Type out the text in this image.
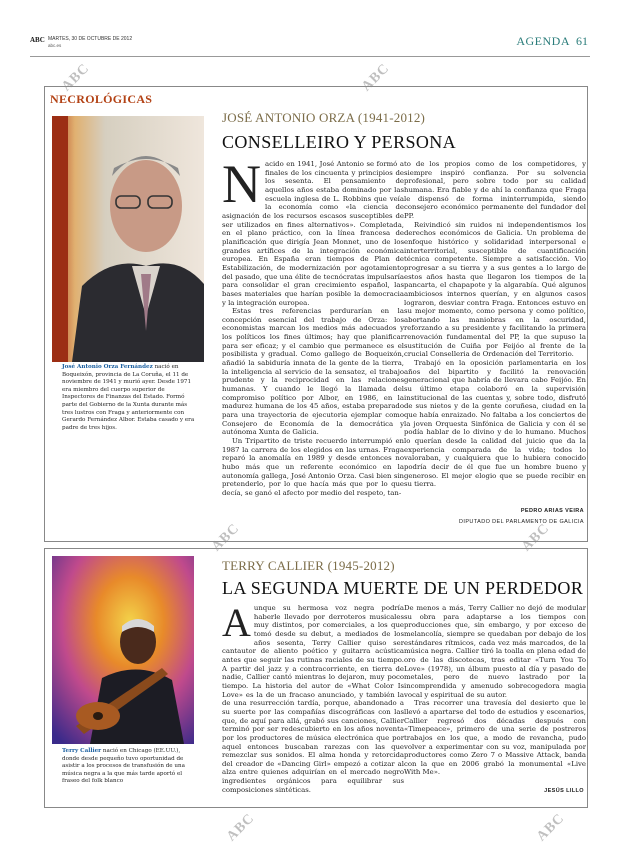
ABC MARTES, 30 DE OCTUBRE DE 2012
abc.es	AGENDA 61
ABC	ABC
ABC	ABC
ABC	ABC
NECROLÓGICAS
José Antonio Orza Fernández nació en Boqueixón, provincia de La Coruña, el 11 de noviembre de 1941 y murió ayer. Desde 1971 era miembro del cuerpo superior de Inspectores de Finanzas del Estado. Formó parte del Gobierno de la Xunta durante más tres lustros con Fraga y anteriormente con Gerardo Fernández Albor. Estaba casado y era padre de tres hijos.
JOSÉ ANTONIO ORZA (1941-2012)
CONSELLEIRO Y PERSONA

Nacido en 1941, José Antonio se formó a finales de los cincuenta y principios de los sesenta. El pensamiento de aquellos años estaba dominado por las escuela inglesa de L. Robbins que veía la economía como «la ciencia de asignación de los recursos escasos susceptibles de ser utilizados en fines alternativos». Completada, en el plano práctico, con la línea francesa de planificación que dirigía Jean Monnet, uno de los grandes artífices de la integración económica europea. En España eran tiempos de Plan de Estabilización, de modernización por agotamiento del pasado, que una élite de tecnócratas impulsaría para consolidar el gran crecimiento español, las bases materiales que harían posible la democracia y la integración europea.

Estas tres referencias perdurarían en la concepción esencial del trabajo de Orza: los economistas marcan los medios más adecuados y los políticos los fines últimos; hay que planificar para ser eficaz; y el cambio que permanece es el posibilista y gradual. Como gallego de Boqueixón, añadió la sabiduría innata de la gente de la tierra, la inteligencia al servicio de la sensatez, el trabajo prudente y la reciprocidad en las relaciones humanas. Y cuando le llegó la llamada del compromiso político por Albor, en 1986, en la madurez humana de los 45 años, estaba preparado para una trayectoria de ejecutoria ejemplar como Consejero de Economía de la democrática y autónoma Xunta de Galicia.

Un Tripartito de triste recuerdo interrumpió en 1987 la carrera de los elegidos en las urnas. Fraga reparó la anomalía en 1989 y desde entonces no hubo más que un referente económico en la autonomía gallega, José Antonio Orza. Casi bien sin pretenderlo, por lo que hacía más que por lo que decía, se ganó el afecto por medio del respeto, tan-

to de los propios como de los competidores, y siempre inspiró confianza. Por su solvencia profesional, pero sobre todo por su calidad humana. Era fiable y de ahí la confianza que Fraga le dispensó de forma ininterrumpida, siendo consejero económico permanente del fundador del PP.

Reivindicó sin ruidos ni independentismos los derechos económicos de Galicia. Un problema de enfoque histórico y solidaridad interpersonal e interterritorial, susceptible de cuantificación técnica competente. Siempre a satisfacción. Vio progresar a su tierra y a sus gentes a lo largo de estos años hasta que llegaron los tiempos de la pancarta, el chapapote y la algarabía. Qué algunos ambiciosos internos querían, y en algunos casos lograron, desviar contra Fraga. Entonces estuvo en su mejor momento, como persona y como político, abortando las maniobras en la oscuridad, reforzando a su presidente y facilitando la primera renovación fundamental del PP, la que supuso la sustitución de Cuiña por Feijóo al frente de la crucial Conselleria de Ordenación del Territorio.

Trabajó en la oposición parlamentaria en los años del bipartito y facilitó la renovación generacional que habría de llevara cabo Feijóo. En su último etapa colaboró en la supervisión institucional de las cuentas y, sobre todo, disfrutó de sus nietos y de la gente coruñesa, ciudad en la que había enraizado. No faltaba a los conciertos de la joven Orquesta Sinfónica de Galicia y con él se podía hablar de lo divino y de lo humano. Muchos lo querían desde la calidad del juicio que da la experiencia comparada de la vida; todos lo valoraban, y cualquiera que lo hubiera conocido podría decir de él que fue un hombre bueno y generoso. El mejor elogio que se puede recibir en su tierra.

PEDRO ARIAS VEIRA
DIPUTADO DEL PARLAMENTO DE GALICIA
Terry Callier nació en Chicago (EE.UU.), donde desde pequeño tuvo oportunidad de asistir a los procesos de transfusión de una música negra a la que más tarde aportó el fraseo del folk blanco
TERRY CALLIER (1945-2012)
LA SEGUNDA MUERTE DE UN PERDEDOR

Aunque su hermosa voz negra podría haberle llevado por derroteros musicales muy distintos, por comerciales, a los que tomó desde su debut, a mediados de los años sesenta, Terry Callier quiso ser cantautor de aliento poético y guitarra acústica antes que seguir las rutinas raciales de su tiempo. A partir del jazz y a contracorriente, en tierra de nadie, Callier cantó mientras lo dejaron, muy poco tiempo. La historia del autor de «What Color Is Love» es la de un fracaso anunciado, y también la de una resurrección tardía, porque, abandonado a su suerte por las compañías discográficas con las que, de aquí para allá, grabó sus canciones, Callier terminó por ser redescubierto en los años noventa por los productores de música electrónica que por aquel entonces buscaban rarezas con las que remezclar sus sonidos. El alma honda y retorcida del creador de «Dancing Girl» empezó a cotizar al alza entre quienes adquirían en el mercado negro ingredientes orgánicos para equilibrar sus composiciones sintéticas.

De menos a más, Terry Callier no dejó de modular su obra para adaptarse a los tiempos con producciones que, sin embargo, y por exceso de melancolía, siempre se quedaban por debajo de los estándares rítmicos, cada vez más marcados, de la música negra. Callier tiró la toalla en plena edad de oro de las discotecas, tras editar «Turn You To Love» (1978), un álbum puesto al día y pasado de metales, pero de nuevo lastrado por la incomprendida y amenudo sobrecogedora magia vocal y espiritual de su autor.

Tras recorrer una travesía del desierto que le llevó a apartarse del todo de estudios y escenarios, Callier regresó dos décadas después con «Timepeace», primero de una serie de postreros trabajos en los que, a modo de revancha, pudo volver a experimentar con su voz, manipulada por productores como Zero 7 o Massive Attack, banda con la que en 2006 grabó la monumental «Live With Me».

JESÚS LILLO
